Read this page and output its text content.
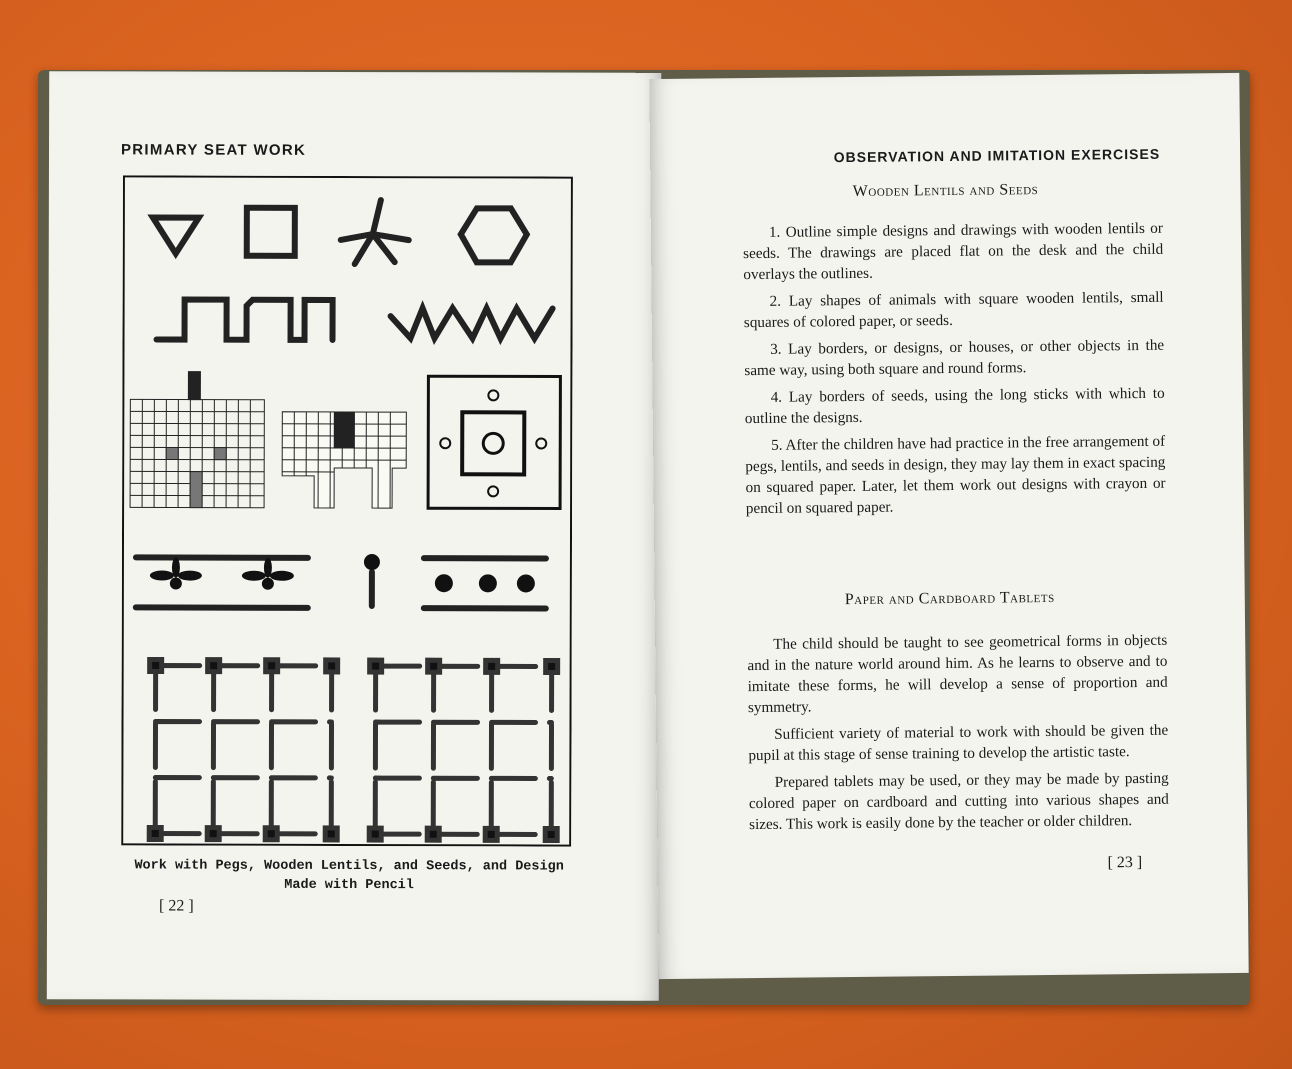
PRIMARY SEAT WORK
Work with Pegs, Wooden Lentils, and Seeds, and Design
Made with Pencil
[ 22 ]
OBSERVATION AND IMITATION EXERCISES
Wooden Lentils and Seeds

1. Outline simple designs and drawings with wooden lentils or seeds. The drawings are placed flat on the desk and the child overlays the outlines.

2. Lay shapes of animals with square wooden lentils, small squares of colored paper, or seeds.

3. Lay borders, or designs, or houses, or other objects in the same way, using both square and round forms.

4. Lay borders of seeds, using the long sticks with which to outline the designs.

5. After the children have had practice in the free arrangement of pegs, lentils, and seeds in design, they may lay them in exact spacing on squared paper. Later, let them work out designs with crayon or pencil on squared paper.

Paper and Cardboard Tablets

The child should be taught to see geometrical forms in objects and in the nature world around him. As he learns to observe and to imitate these forms, he will develop a sense of proportion and symmetry.

Sufficient variety of material to work with should be given the pupil at this stage of sense training to develop the artistic taste.

Prepared tablets may be used, or they may be made by pasting colored paper on cardboard and cutting into various shapes and sizes. This work is easily done by the teacher or older children.

[ 23 ]
